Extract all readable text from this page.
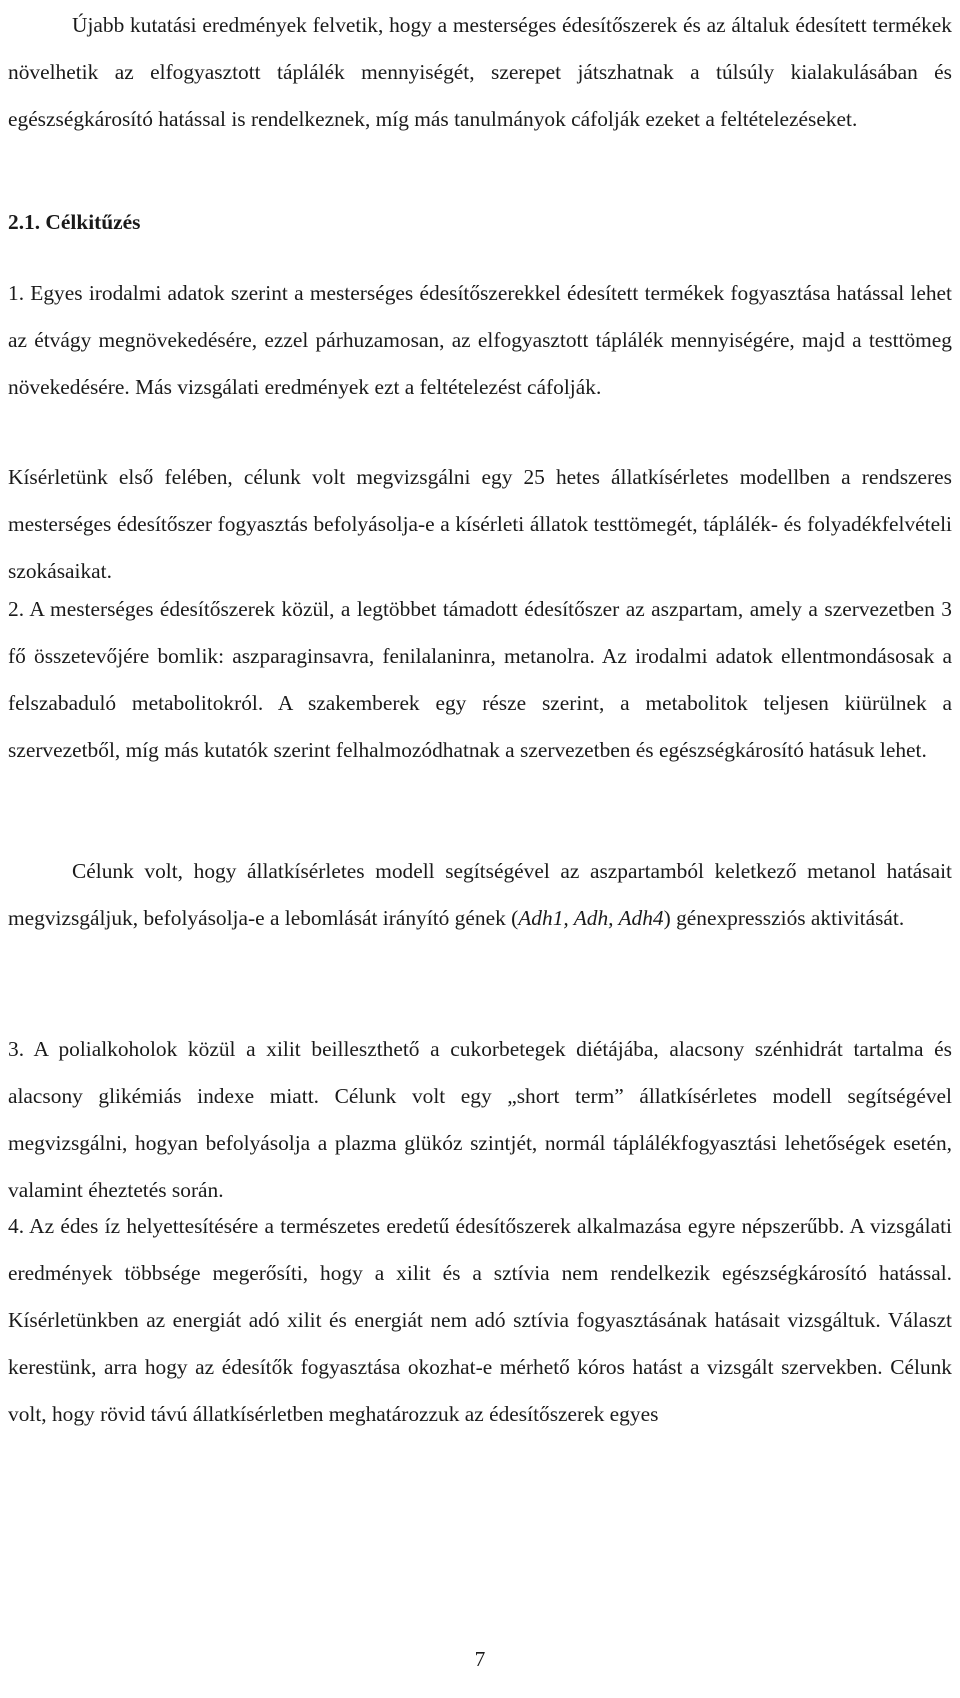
Újabb kutatási eredmények felvetik, hogy a mesterséges édesítőszerek és az általuk édesített termékek növelhetik az elfogyasztott táplálék mennyiségét, szerepet játszhatnak a túlsúly kialakulásában és egészségkárosító hatással is rendelkeznek, míg más tanulmányok cáfolják ezeket a feltételezéseket.

2.1. Célkitűzés

1. Egyes irodalmi adatok szerint a mesterséges édesítőszerekkel édesített termékek fogyasztása hatással lehet az étvágy megnövekedésére, ezzel párhuzamosan, az elfogyasztott táplálék mennyiségére, majd a testtömeg növekedésére. Más vizsgálati eredmények ezt a feltételezést cáfolják.

Kísérletünk első felében, célunk volt megvizsgálni egy 25 hetes állatkísérletes modellben a rendszeres mesterséges édesítőszer fogyasztás befolyásolja-e a kísérleti állatok testtömegét, táplálék- és folyadékfelvételi szokásaikat.

2. A mesterséges édesítőszerek közül, a legtöbbet támadott édesítőszer az aszpartam, amely a szervezetben 3 fő összetevőjére bomlik: aszparaginsavra, fenilalaninra, metanolra. Az irodalmi adatok ellentmondásosak a felszabaduló metabolitokról. A szakemberek egy része szerint, a metabolitok teljesen kiürülnek a szervezetből, míg más kutatók szerint felhalmozódhatnak a szervezetben és egészségkárosító hatásuk lehet.

Célunk volt, hogy állatkísérletes modell segítségével az aszpartamból keletkező metanol hatásait megvizsgáljuk, befolyásolja-e a lebomlását irányító gének (Adh1, Adh, Adh4) génexpressziós aktivitását.

3. A polialkoholok közül a xilit beilleszthető a cukorbetegek diétájába, alacsony szénhidrát tartalma és alacsony glikémiás indexe miatt. Célunk volt egy „short term” állatkísérletes modell segítségével megvizsgálni, hogyan befolyásolja a plazma glükóz szintjét, normál táplálékfogyasztási lehetőségek esetén, valamint éheztetés során.

4. Az édes íz helyettesítésére a természetes eredetű édesítőszerek alkalmazása egyre népszerűbb. A vizsgálati eredmények többsége megerősíti, hogy a xilit és a sztívia nem rendelkezik egészségkárosító hatással. Kísérletünkben az energiát adó xilit és energiát nem adó sztívia fogyasztásának hatásait vizsgáltuk. Választ kerestünk, arra hogy az édesítők fogyasztása okozhat-e mérhető kóros hatást a vizsgált szervekben. Célunk volt, hogy rövid távú állatkísérletben meghatározzuk az édesítőszerek egyes

7
